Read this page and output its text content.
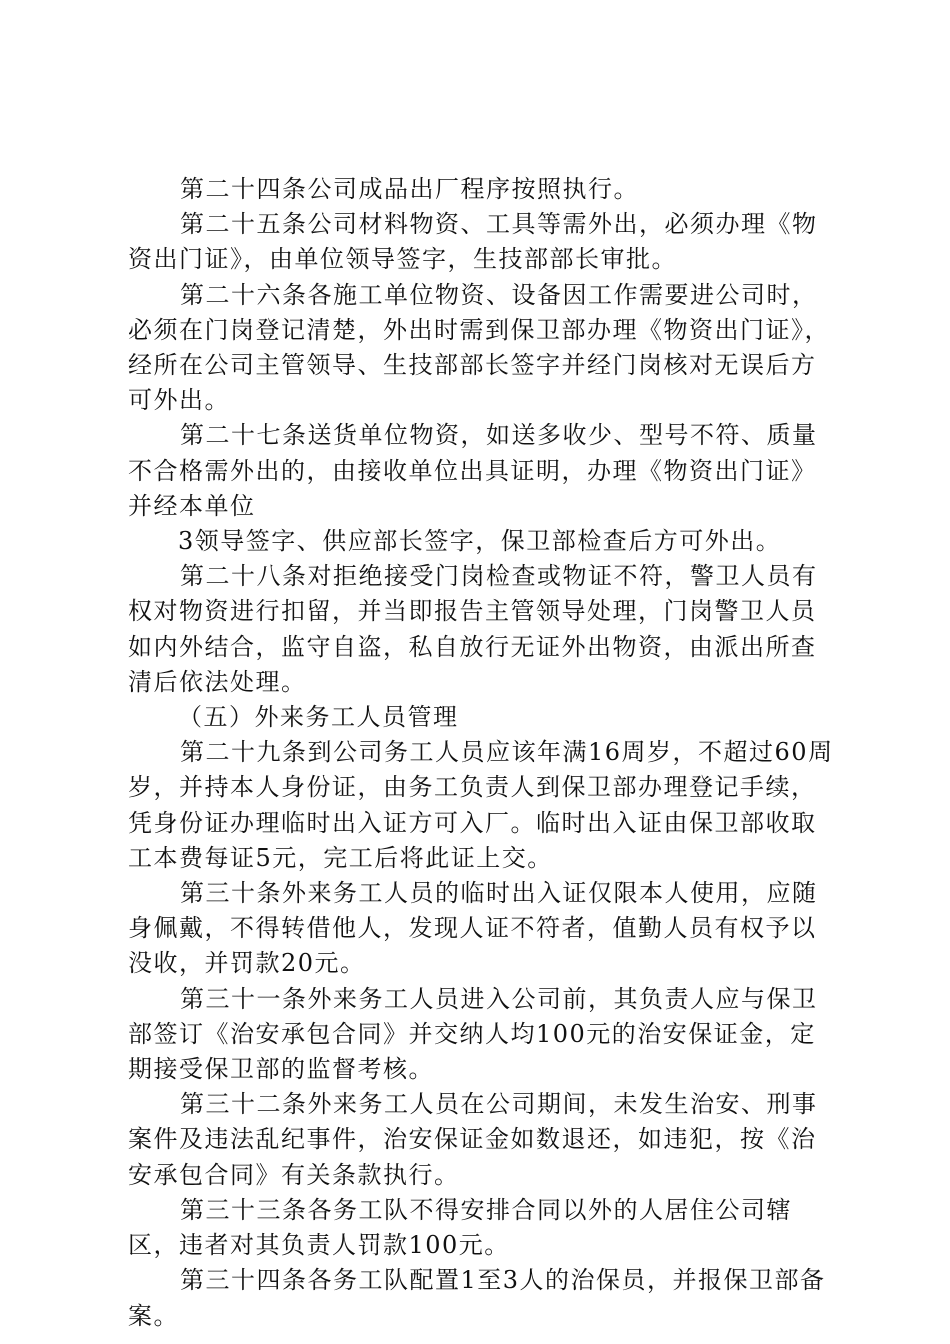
第二十四条公司成品出厂程序按照执行。

第二十五条公司材料物资、工具等需外出，必须办理《物资出门证》，由单位领导签字，生技部部长审批。

第二十六条各施工单位物资、设备因工作需要进公司时，必须在门岗登记清楚，外出时需到保卫部办理《物资出门证》，经所在公司主管领导、生技部部长签字并经门岗核对无误后方可外出。

第二十七条送货单位物资，如送多收少、型号不符、质量不合格需外出的，由接收单位出具证明，办理《物资出门证》并经本单位

3领导签字、供应部长签字，保卫部检查后方可外出。

第二十八条对拒绝接受门岗检查或物证不符，警卫人员有权对物资进行扣留，并当即报告主管领导处理，门岗警卫人员如内外结合，监守自盗，私自放行无证外出物资，由派出所查清后依法处理。

（五）外来务工人员管理

第二十九条到公司务工人员应该年满16周岁，不超过60周岁，并持本人身份证，由务工负责人到保卫部办理登记手续，凭身份证办理临时出入证方可入厂。临时出入证由保卫部收取工本费每证5元，完工后将此证上交。

第三十条外来务工人员的临时出入证仅限本人使用，应随身佩戴，不得转借他人，发现人证不符者，值勤人员有权予以没收，并罚款20元。

第三十一条外来务工人员进入公司前，其负责人应与保卫部签订《治安承包合同》并交纳人均100元的治安保证金，定期接受保卫部的监督考核。

第三十二条外来务工人员在公司期间，未发生治安、刑事案件及违法乱纪事件，治安保证金如数退还，如违犯，按《治安承包合同》有关条款执行。

第三十三条各务工队不得安排合同以外的人居住公司辖区，违者对其负责人罚款100元。

第三十四条各务工队配置1至3人的治保员，并报保卫部备案。
